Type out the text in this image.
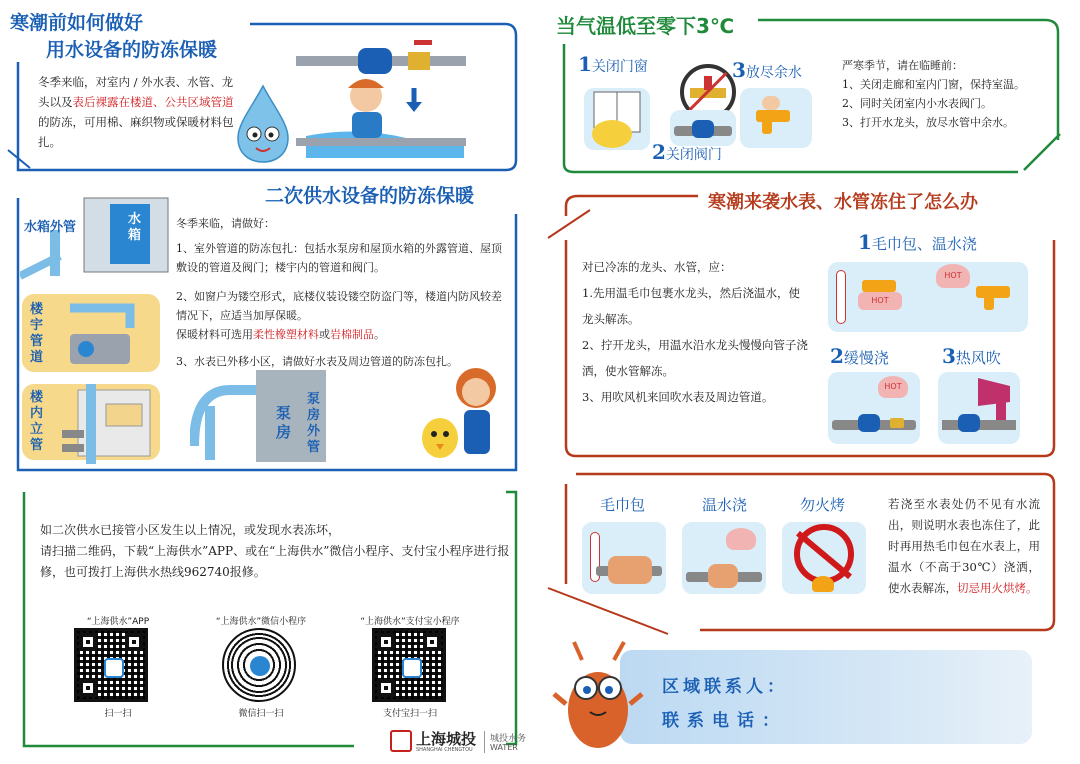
寒潮前如何做好
用水设备的防冻保暖
冬季来临，对室内 / 外水表、水管、龙头以及表后裸露在楼道、公共区域管道的防冻，可用棉、麻织物或保暖材料包扎。
二次供水设备的防冻保暖
水箱外管
水箱
楼宇管道
楼内立管
泵房
泵房外管
冬季来临，请做好：
1、室外管道的防冻包扎：包括水泵房和屋顶水箱的外露管道、屋顶敷设的管道及阀门；楼宇内的管道和阀门。
2、如窗户为镂空形式，底楼仪装设镂空防盗门等，楼道内防风较差情况下，应适当加厚保暖。
保暖材料可选用柔性橡塑材料或岩棉制品。
3、水表已外移小区，请做好水表及周边管道的防冻包扎。
如二次供水已接管小区发生以上情况，或发现水表冻坏，
请扫描二维码，下载“上海供水”APP、或在“上海供水”微信小程序、支付宝小程序进行报修，也可拨打上海供水热线962740报修。
“上海供水”APP
扫一扫
“上海供水”微信小程序
微信扫一扫
“上海供水”支付宝小程序
支付宝扫一扫
上海城投
SHANGHAI CHENGTOU
城投水务
WATER
当气温低至零下3℃
1关闭门窗
2关闭阀门
3放尽余水	严寒季节，请在临睡前：
1、关闭走廊和室内门窗，保持室温。
2、同时关闭室内小水表阀门。
3、打开水龙头，放尽水管中余水。
寒潮来袭水表、水管冻住了怎么办
对已冷冻的龙头、水管，应：
1.先用温毛巾包裹水龙头，然后浇温水，使龙头解冻。
2、拧开龙头，用温水沿水龙头慢慢向管子浇洒，使水管解冻。
3、用吹风机来回吹水表及周边管道。
1毛巾包、温水浇
HOT
HOT
2缓慢浇
HOT
3热风吹
毛巾包	温水浇	勿火烤	若浇至水表处仍不见有水流出，则说明水表也冻住了，此时再用热毛巾包在水表上，用温水（不高于30℃）浇洒，使水表解冻，切忌用火烘烤。
区域联系人：
联系电话：
